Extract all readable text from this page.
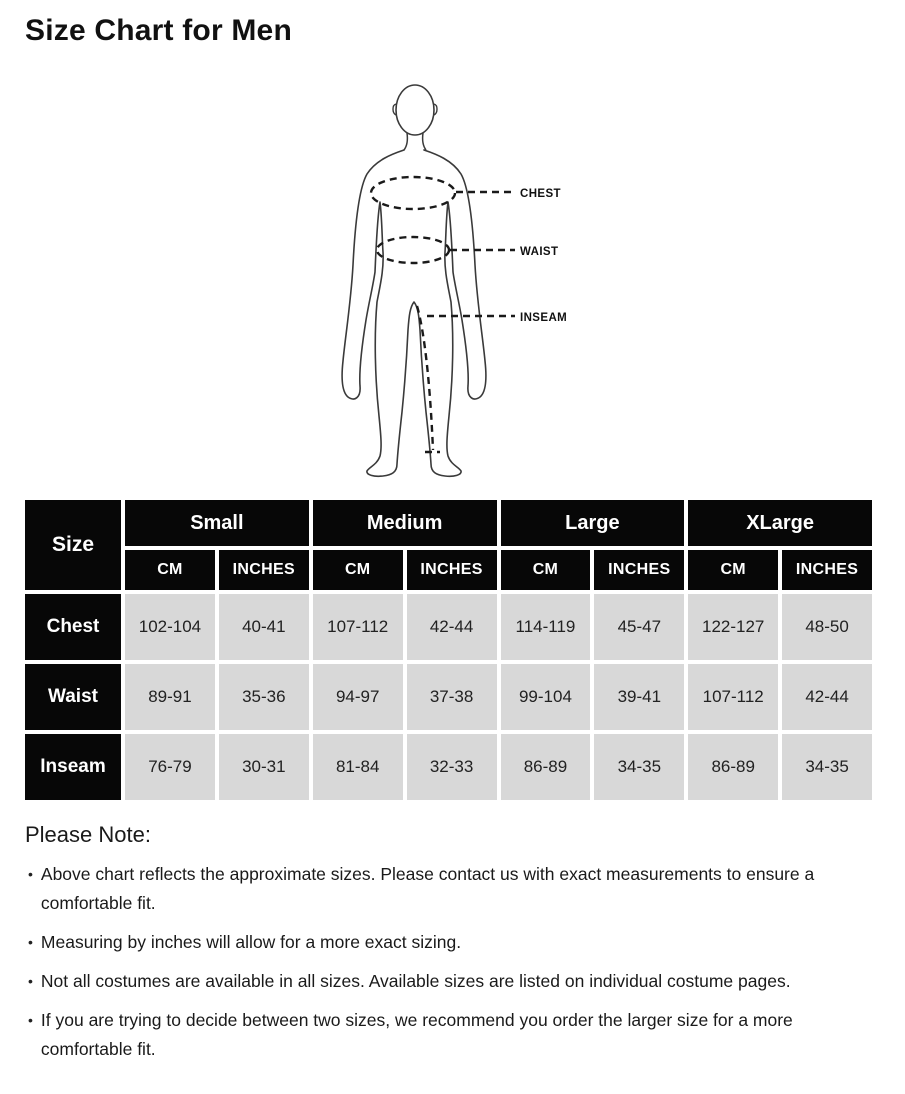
Size Chart for Men
CHEST
WAIST
INSEAM
Size	Small		Medium		Large		XLarge	
	CM	INCHES	CM	INCHES	CM	INCHES	CM	INCHES
Chest	102-104	40-41	107-112	42-44	114-119	45-47	122-127	48-50
Waist	89-91	35-36	94-97	37-38	99-104	39-41	107-112	42-44
Inseam	76-79	30-31	81-84	32-33	86-89	34-35	86-89	34-35

Please Note:

• Above chart reflects the approximate sizes. Please contact us with exact measurements to ensure a comfortable fit.
• Measuring by inches will allow for a more exact sizing.
• Not all costumes are available in all sizes. Available sizes are listed on individual costume pages.
• If you are trying to decide between two sizes, we recommend you order the larger size for a more comfortable fit.
